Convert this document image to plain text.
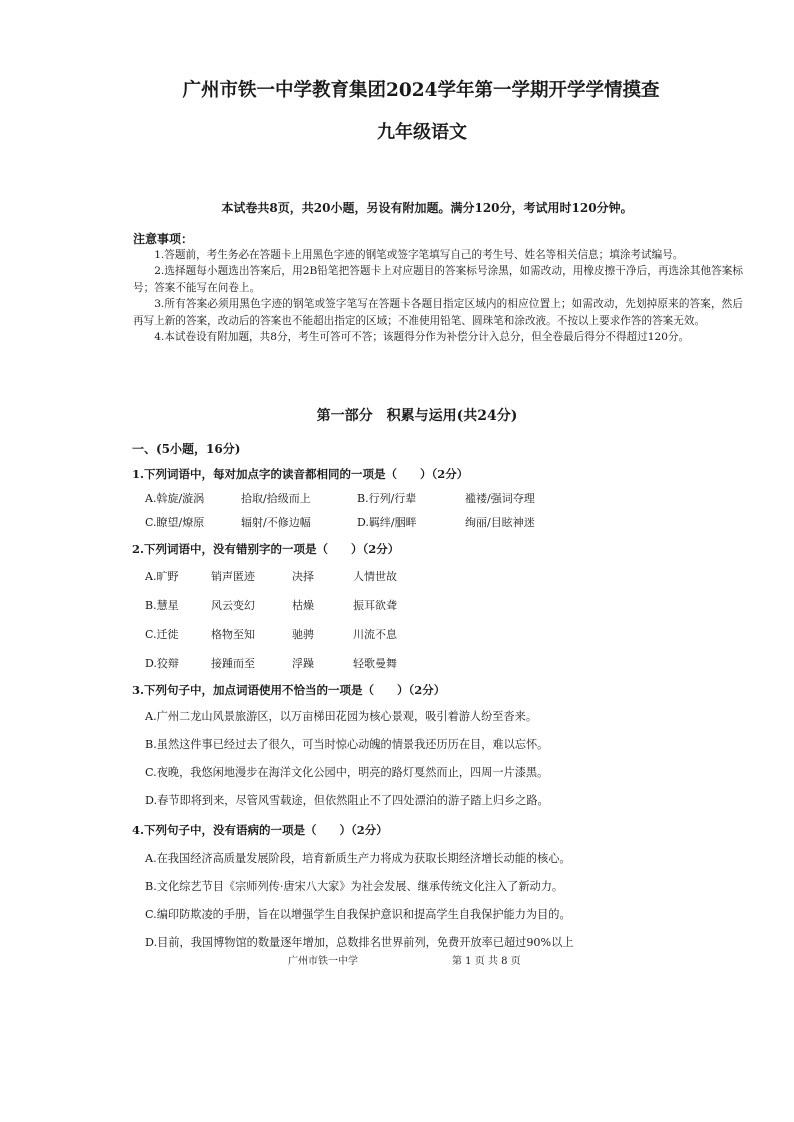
广州市铁一中学教育集团2024学年第一学期开学学情摸查
九年级语文
本试卷共8页，共20小题，另设有附加题。满分120分，考试用时120分钟。
注意事项：

1.答题前，考生务必在答题卡上用黑色字迹的钢笔或签字笔填写自己的考生号、姓名等相关信息；填涂考试编号。

2.选择题每小题选出答案后，用2B铅笔把答题卡上对应题目的答案标号涂黑，如需改动，用橡皮擦干净后，再选涂其他答案标号；答案不能写在问卷上。

3.所有答案必须用黑色字迹的钢笔或签字笔写在答题卡各题目指定区域内的相应位置上；如需改动，先划掉原来的答案，然后再写上新的答案，改动后的答案也不能超出指定的区域；不准使用铅笔、圆珠笔和涂改液。不按以上要求作答的答案无效。

4.本试卷设有附加题，共8分，考生可答可不答；该题得分作为补偿分计入总分，但全卷最后得分不得超过120分。

第一部分　积累与运用(共24分)
一、(5小题，16分)
1.下列词语中，每对加点字的读音都相同的一项是（　　）（2分）
A.斡旋/漩涡	拾取/拾级而上	B.行列/行辈	褴褛/强词夺理
C.瞭望/燎原	辐射/不修边幅	D.羁绊/胭畔	绚丽/目眩神迷
2.下列词语中，没有错别字的一项是（　　）（2分）
A.旷野	销声匿迹	决择	人情世故
B.慧星	风云变幻	枯燥	振耳欲聋
C.迁徙	格物至知	驰骋	川流不息
D.狡辩	接踵而至	浮躁	轻歌曼舞
3.下列句子中，加点词语使用不恰当的一项是（　　）（2分）
A.广州二龙山风景旅游区，以万亩梯田花园为核心景观，吸引着游人纷至沓来。
B.虽然这件事已经过去了很久，可当时惊心动魄的情景我还历历在目，难以忘怀。
C.夜晚，我悠闲地漫步在海洋文化公园中，明亮的路灯戛然而止，四周一片漆黑。
D.春节即将到来，尽管风雪载途，但依然阻止不了四处漂泊的游子踏上归乡之路。
4.下列句子中，没有语病的一项是（　　）（2分）
A.在我国经济高质量发展阶段，培育新质生产力将成为获取长期经济增长动能的核心。
B.文化综艺节目《宗师列传·唐宋八大家》为社会发展、继承传统文化注入了新动力。
C.编印防欺凌的手册，旨在以增强学生自我保护意识和提高学生自我保护能力为目的。
D.目前，我国博物馆的数量逐年增加，总数排名世界前列，免费开放率已超过90%以上
广州市铁一中学	第 1 页 共 8 页
